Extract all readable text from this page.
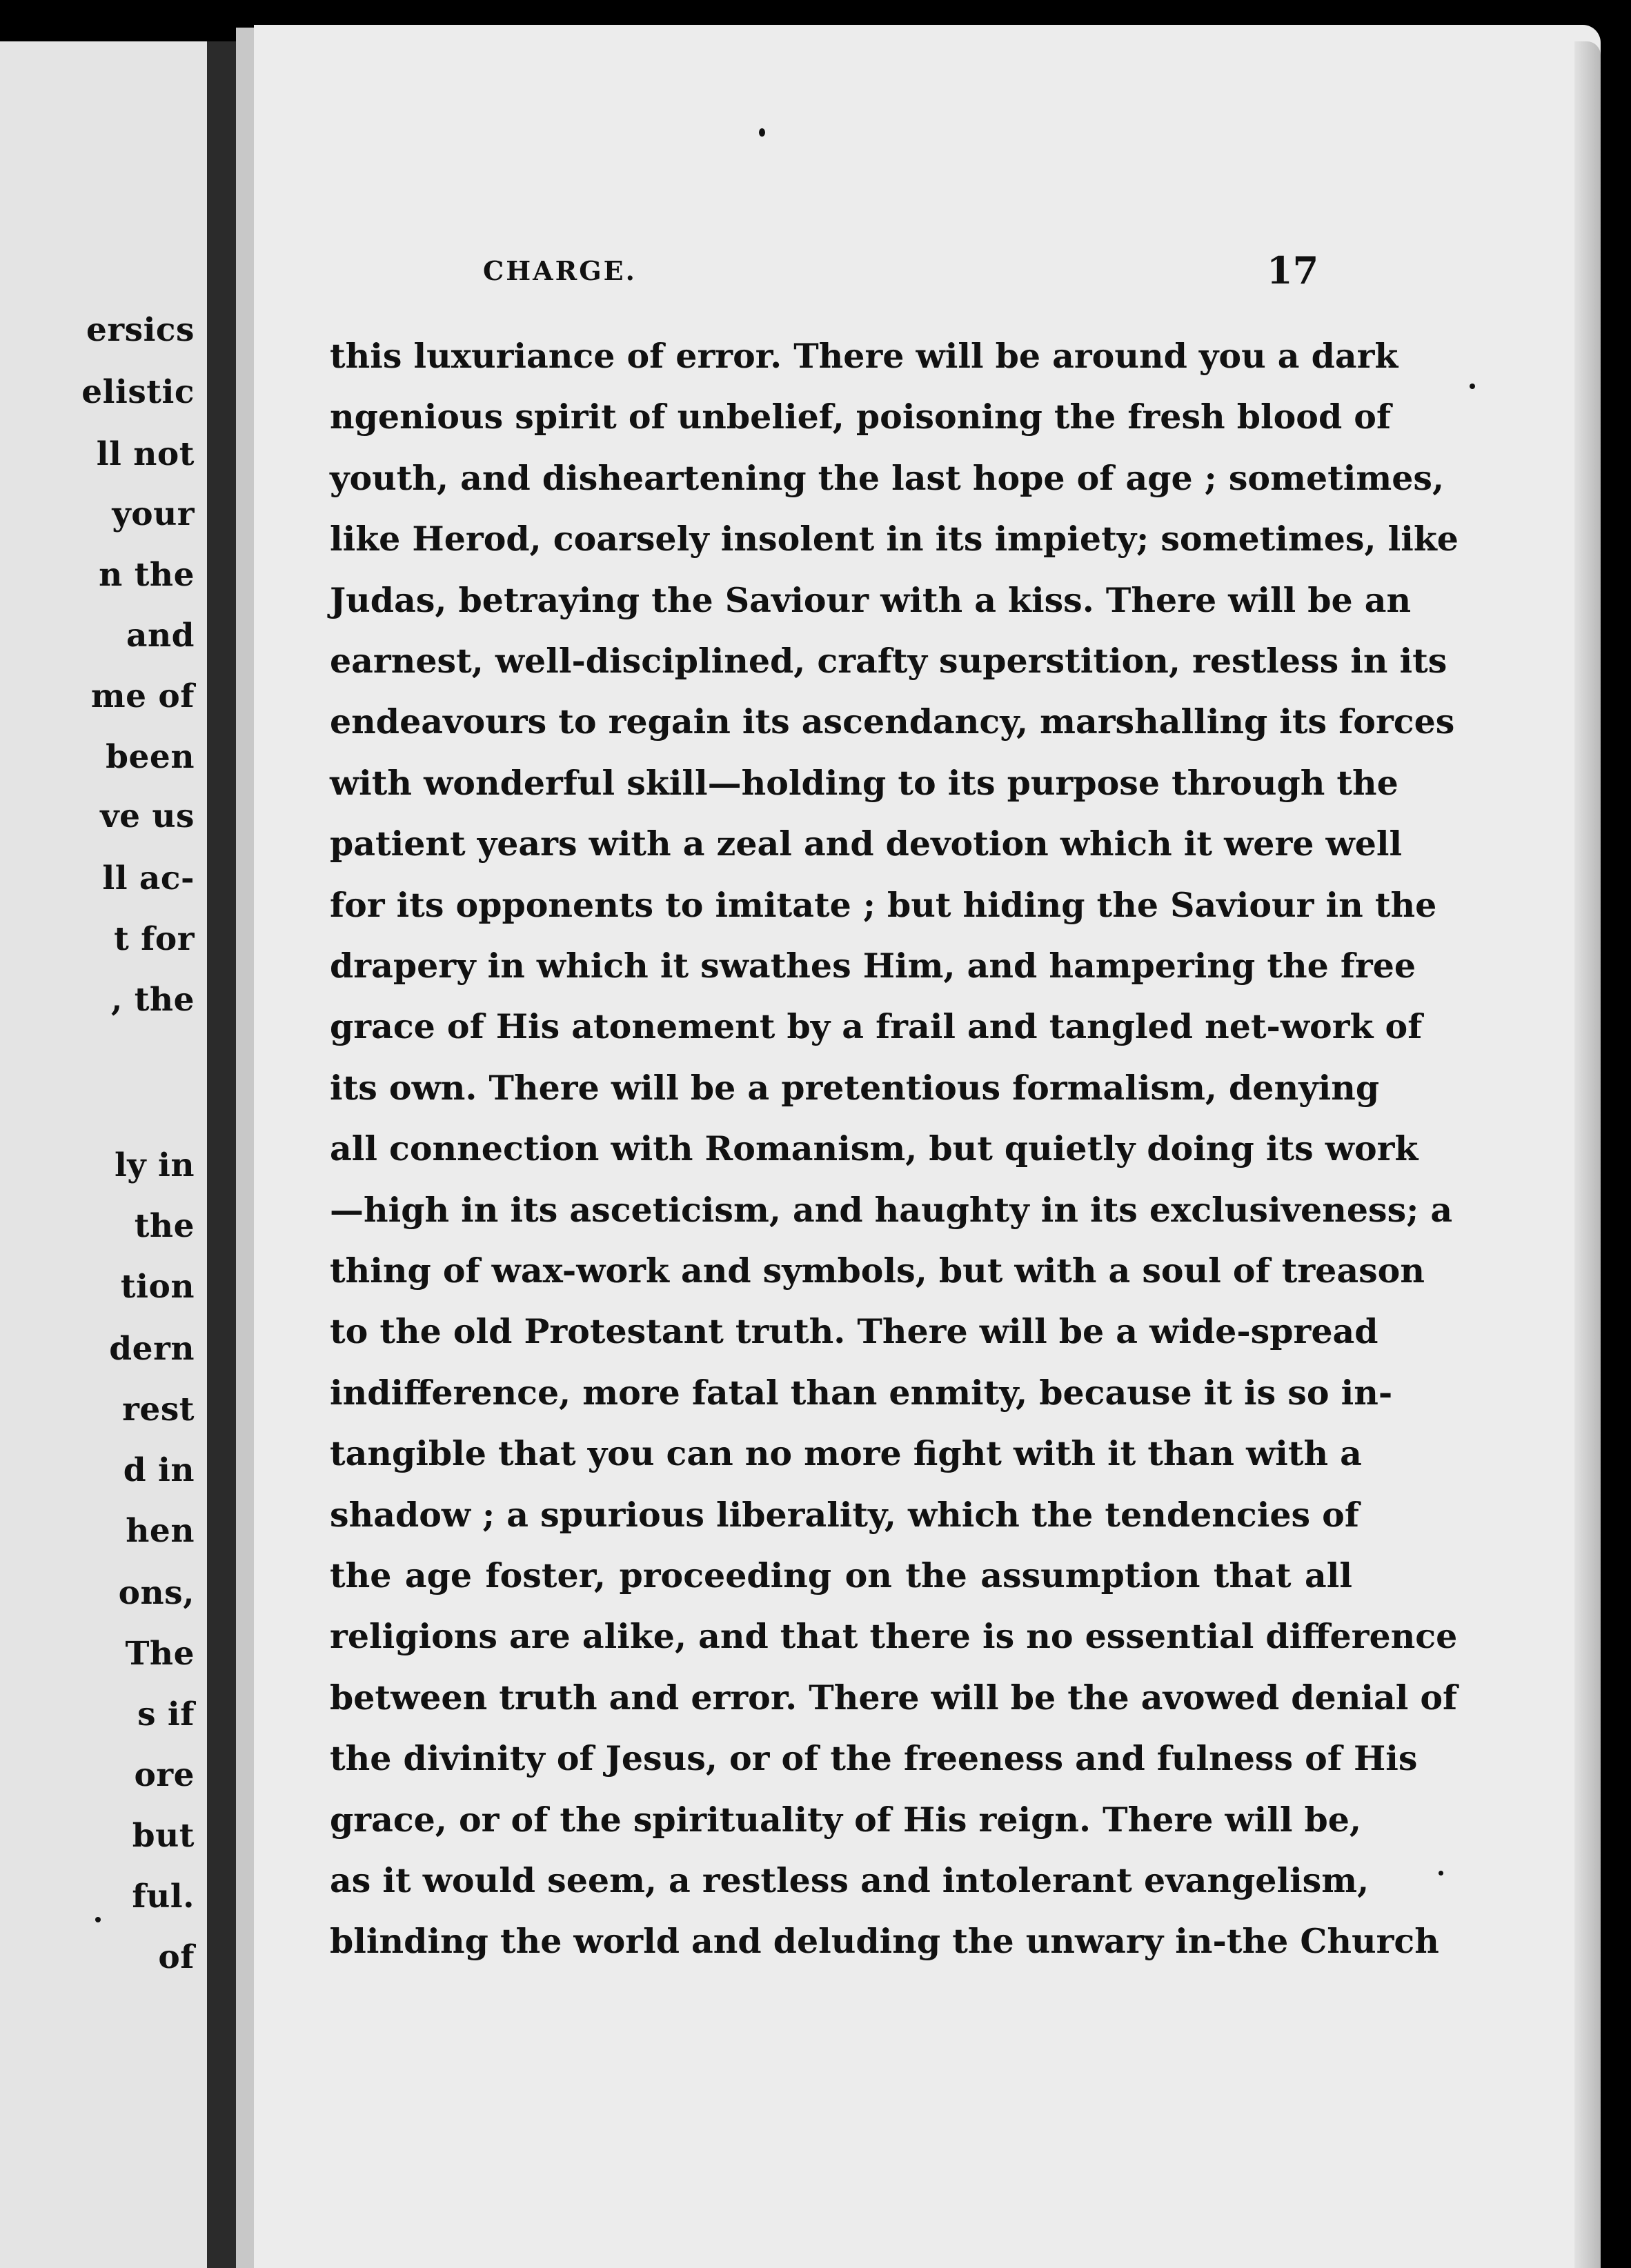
ersics
elistic
ll not
your
n the
and
me of
been
ve us
ll ac-
t for
, the
ly in
the
tion
dern
rest
d in
hen
ons,
The
s if
ore
but
ful.
of
CHARGE.	17
this luxuriance of error. There will be around you a dark
ngenious spirit of unbelief, poisoning the fresh blood of
youth, and disheartening the last hope of age ; sometimes,
like Herod, coarsely insolent in its impiety; sometimes, like
Judas, betraying the Saviour with a kiss. There will be an
earnest, well-disciplined, crafty superstition, restless in its
endeavours to regain its ascendancy, marshalling its forces
with wonderful skill—holding to its purpose through the
patient years with a zeal and devotion which it were well
for its opponents to imitate ; but hiding the Saviour in the
drapery in which it swathes Him, and hampering the free
grace of His atonement by a frail and tangled net-work of
its own. There will be a pretentious formalism, denying
all connection with Romanism, but quietly doing its work
—high in its asceticism, and haughty in its exclusiveness; a
thing of wax-work and symbols, but with a soul of treason
to the old Protestant truth. There will be a wide-spread
indifference, more fatal than enmity, because it is so in-
tangible that you can no more fight with it than with a
shadow ; a spurious liberality, which the tendencies of
the age foster, proceeding on the assumption that all
religions are alike, and that there is no essential difference
between truth and error. There will be the avowed denial of
the divinity of Jesus, or of the freeness and fulness of His
grace, or of the spirituality of His reign. There will be,
as it would seem, a restless and intolerant evangelism,
blinding the world and deluding the unwary in-the Church
